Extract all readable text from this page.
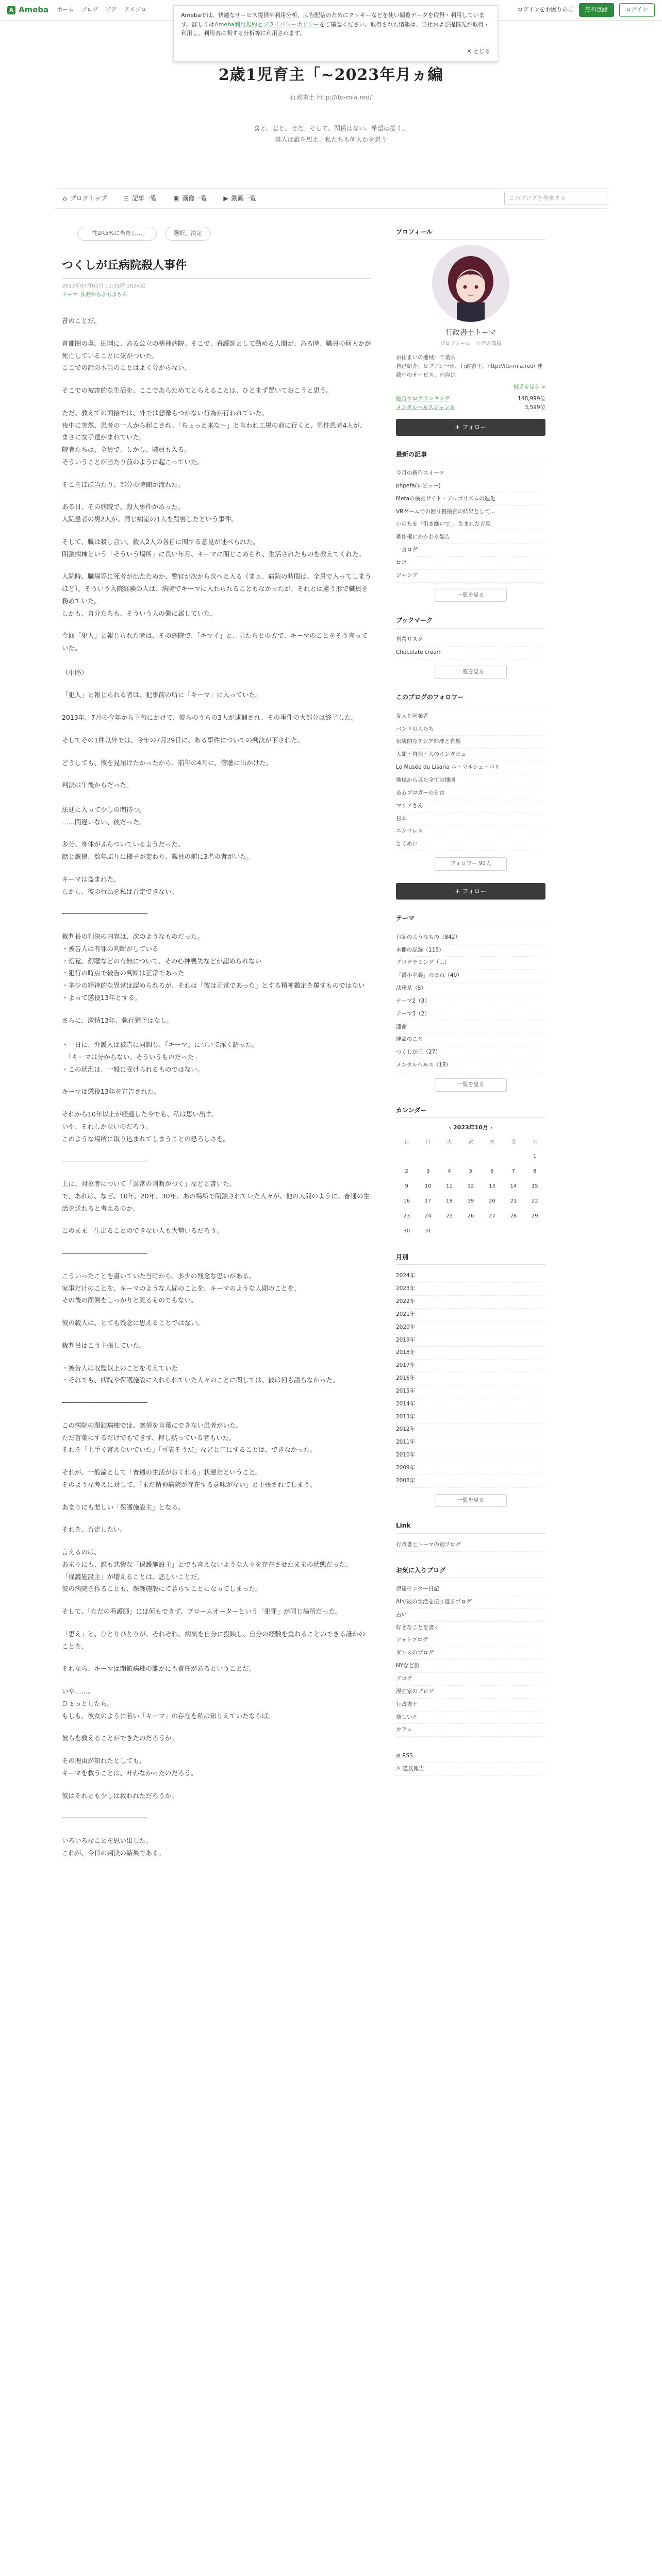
A Ameba ホーム ブログ ピグ アメブロ	ログインをお困りの方	無料登録	ログイン
Amebaでは、快適なサービス提供や利用分析、広告配信のためにクッキーなどを使い閲覧データを取得・利用しています。詳しくはAmeba利用規約とプライバシーポリシーをご確認ください。取得された情報は、当社および提携先が取得・利用し、利用者に関する分析等に利用されます。
✕ とじる
2歳1児育主「~2023年月ヵ編
行政書士 http://ito-mia.red/
喜と、悲と、せだ。そして、関係はない。希望は捨く、
誰人は誰を想え、私たちも何人かを想う
⌂ ブログトップ	☰ 記事一覧	▣ 画像一覧	▶ 動画一覧	このブログを検索する
「性2R5%に当確し...」	選択、決定
つくしが丘病院殺人事件
2013年07月02日 11:51時 2024記
テーマ: 法務からよもよもん

昔のことだ。

首都圏の奥、田園に、ある公立の精神病院。そこで、看護師として勤める人間が、ある時、職員の何人かが死亡していることに気がついた。
ここでの話の本当のことはよく分からない。

そこでの被害的な生活を、ここであらためてとらえることは、ひとまず置いておこうと思う。

ただ、教えての面接では、外では想像もつかない行為が行われていた。
夜中に突然、患者の一人から起こされ、「ちょっと来な〜」と言われ工場の前に行くと、男性患者4人が、まさに女子達がまれていた。
院者たちは、全員で、しかし、職員も入る。
そういうことが当たり前のように起こっていた。

そこをほぼ当たり、部分の時間が流れた。

ある日、その病院で、殺人事件があった。
入院患者の男2人が、同じ病室の1人を殺害したという事件。

そして、職は殺し合い、殺人2人の各自に関する意見が述べられた。
閉鎖病棟という「そういう場所」に長い年月、キーマに閉じこめられ、生活されたものを教えてくれた。

入院時、職場等に死者が出たためか、警官が次から次へと入る（まぁ、病院の時間は、全員で入ってしまうほど）。そういう入院経験の人は、病院でキーマに入れられることもなかったが、それとは違う形で職員を務めていた。
しかも、自分たちも、そういう人の側に属していた。

今回「犯人」と報じられた者は、その病院で、「キマイ」と、男たちとの方で、キーマのことをそう言っていた。

（中略）

「犯人」と報じられる者は、犯事前の所に「キーマ」に入っていた。

2013年、7月の今年から下旬にかけて、彼らのうちの3人が逮捕され、その事件の大部分は終了した。

そしてその1件以外では、今年の7月29日に、ある事件についての判決が下された。

どうしても、彼を見届けたかったから、前年の4月に、傍聴に出かけた。

判決は午後からだった。

法廷に入って少しの間待つ。
……間違いない、彼だった。

多分、身体がふらついているようだった。
話と盧優、数年ぶりに様子が変わり、職員の前に3名の者がいた。

キーマは盗まれた。
しかし、彼の行為を私は否定できない。

──────────────────────

裁判長の判決の内容は、次のようなものだった。
・被告人は有罪の判断がしている
・幻覚、幻聴などの有無について、その心神喪失などが認められない
・犯行の時点で被告の判断は正常であった
・多少の精神的な異常は認められるが、それは「彼は正常であった」とする精神鑑定を覆すものではない
・よって懲役13年とする。

さらに、激情13年、執行猶予はなし。

・一日に、弁護人は被告に同調し、『キーマ』について深く語った。
　「キーマは分からない、そういうものだった」
・この状況は、一般に受けられるものではない。

キーマは懲役13年を宣告された。

それから10年以上が経過した今でも、私は思い出す。
いや、それしかないのだろう。
このような場所に取り込まれてしまうことの恐ろしさを。

──────────────────────

上に、対象者について「異常の判断がつく」などと書いた。
で、あれは、なぜ、10年、20年、30年、あの場所で閉鎖されていた人々が、他の人間のように、普通の生活を送れると考えるのか。

このまま一生出ることのできない人も大勢いるだろう。

──────────────────────

こういったことを書いていた当時から、多少の残念な思いがある。
家事だけのことを、キーマのような人間のことを、キーマのような人間のことを、
その後の面倒をしっかりと見るものでもない。

彼の殺人は、とても残念に思えることではない。

裁判員はこう主張していた。

・被告人は収監以上のことを考えていた
・それでも、病院や保護施設に入れられていた人々のことに関しては、彼は何も語らなかった。

──────────────────────

この病院の閉鎖病棟では、感情を言葉にできない患者がいた。
ただ言葉にするだけでもできず、押し黙っている者もいた。
それを「上手く言えないでいた」「可哀そうだ」などと口にすることは、できなかった。

それが、一般論として「普通の生活がおくれる」状態だということ。
そのような考えに対して、「まだ精神病院が存在する意味がない」と主張されてしまう。

あまりにも悲しい「保護施設主」となる。

それを、否定したい。

言えるのは、
あまりにも、誰も悲惨な「保護施設主」とでも言えないような人々を存在させたままの状態だった。
「保護施設主」が増えることは、悲しいことだ。
彼の病院を作ることも、保護施設にて暮らすことになってしまった。

そして、「ただの看護師」には何もできず、ブロームオーターという「犯罪」が同じ場所だった。

「思え」と、ひとりひとりが、それぞれ、病気を自分に投映し、自分の経験を重ねることのできる誰かのことを、

それなら、キーマは閉鎖病棟の誰かにも責任があるということだ。

いや……。
ひょっとしたら。
もしも、彼女のように若い「キーマ」の存在を私は知りえていたならば。

彼らを救えることができたのだろうか。

その理由が知れたとしても、
キーマを救うことは、叶わなかったのだろう。

彼はそれとも少しは救われただろうか。

──────────────────────

いろいろなことを思い出した。
これが、今日の判決の結果である。

プロフィール
行政書士トーマ
プロフィール　ピグの部屋
お住まいの地域：千葉県
自己紹介：ヒプノシ一ボ、行政書士。http://ito-mia.red/ 連載中のサービス、内容は
続きを見る >
総合プログランキング	148,999位
メンタルヘルスジャンル	3,599位
+ フォロー
最新の記事
今月の新作スイーツ
phpefa(レビュー)
Metaの検査サイト・アルゴリズムの進化
VRゲームでの回り視検査の結果として…
いのちを「引き継いで」、生まれた言葉
著作権にかかわる勧告
一言ログ
ロボ
ジャンプ
一覧を見る
ブックマーク
自殺リスク
Chocolate cream
一覧を見る
このブログのフォロワー
友人と同業者
バンドの人たち
伝統的なアジア料理と自然
人類・自然・人のインタビュー
Le Musée du Lisaria ル・マルシェ・パリ
地球から見た全ての地図
あるブロガーの日常
マリアさん
日本
エンドレス
とくめい
フォロワー 91人
+ フォロー
テーマ
日記のようなもの（842）
本棚の記録（115）
プログラミング（...）
「最小主義」のまね（40）
法務系（5）
テーマ2（3）
テーマ3（2）
運命
運命のこと
つくしが丘（27）
メンタルヘルス（18）
一覧を見る
カレンダー
‹ 2023年10月 ›
日	月	火	水	木	金	土
						1
2	3	4	5	6	7	8
9	10	11	12	13	14	15
16	17	18	19	20	21	22
23	24	25	26	27	28	29
30	31					
月別
2024年
2023年
2022年
2021年
2020年
2019年
2018年
2017年
2016年
2015年
2014年
2013年
2012年
2011年
2010年
2009年
2008年
一覧を見る
Link
行政書士トーマの別ブログ
お気に入りブログ
伊達センター日記
AIで彼の生活を振り返るブログ
占い
好きなことを書く
フォトブログ
ダンスのブログ
NYなど旅
ブログ
漫画家のブログ
行政書士
楽しいと
カフェ
⊛ RSS
⚠ 違反報告
